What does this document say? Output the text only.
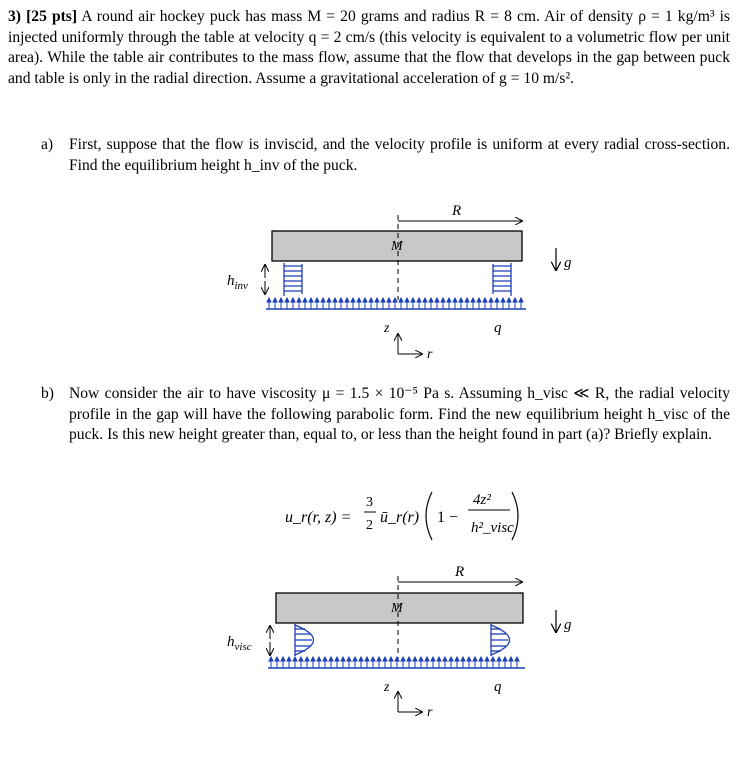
3) [25 pts] A round air hockey puck has mass M = 20 grams and radius R = 8 cm. Air of density ρ = 1 kg/m³ is injected uniformly through the table at velocity q = 2 cm/s (this velocity is equivalent to a volumetric flow per unit area). While the table air contributes to the mass flow, assume that the flow that develops in the gap between puck and table is only in the radial direction. Assume a gravitational acceleration of g = 10 m/s².
a) First, suppose that the flow is inviscid, and the velocity profile is uniform at every radial cross-section. Find the equilibrium height h_inv of the puck.
R
M
g
$h_{inv}$
q
z
r
b) Now consider the air to have viscosity μ = 1.5 × 10⁻⁵ Pa s. Assuming h_visc ≪ R, the radial velocity profile in the gap will have the following parabolic form. Find the new equilibrium height h_visc of the puck. Is this new height greater than, equal to, or less than the height found in part (a)? Briefly explain.
u_r(r, z) =
3
2 ū_r(r) 1 −
4z²
h²_visc
R
M
g
$h_{visc}$
q
z
r
